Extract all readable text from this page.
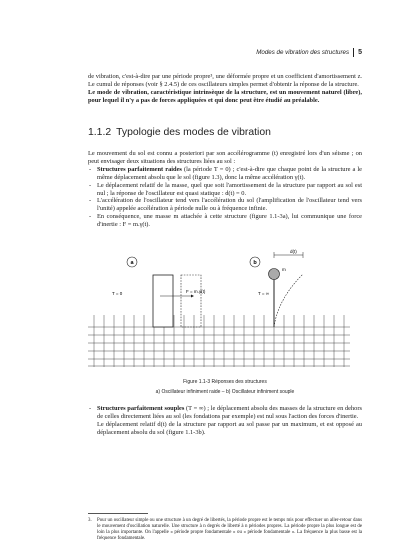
Modes de vibration des structures 5

de vibration, c'est-à-dire par une période propre³, une déformée propre et un coefficient d'amortissement z. Le cumul de réponses (voir § 2.4.5) de ces oscillateurs simples permet d'obtenir la réponse de la structure.

Le mode de vibration, caractéristique intrinsèque de la structure, est un mouvement naturel (libre), pour lequel il n'y a pas de forces appliquées et qui donc peut être étudié au préalable.

1.1.2 Typologie des modes de vibration

Le mouvement du sol est connu a posteriori par son accélérogramme (t) enregistré lors d'un séisme ; on peut envisager deux situations des structures liées au sol :

- Structures parfaitement raides (la période T = 0) ; c'est-à-dire que chaque point de la structure a le même déplacement absolu que le sol (figure 1.3), donc la même accélération γ(t).
- Le déplacement relatif de la masse, quel que soit l'amortissement de la structure par rapport au sol est nul ; la réponse de l'oscillateur est quasi statique : d(t) = 0.
- L'accélération de l'oscillateur tend vers l'accélération du sol (l'amplification de l'oscillateur tend vers l'unité) appelée accélération à période nulle ou à fréquence infinie.
- En conséquence, une masse m attachée à cette structure (figure 1.1-3a), lui communique une force d'inertie : F = m.γ(t).
a
F = m.γ(t)
T = 0
b
d(t)
m
T = ∞
Figure 1.1-3 Réponses des structures
a) Oscillateur infiniment raide – b) Oscillateur infiniment souple
- Structures parfaitement souples (T = ∞) ; le déplacement absolu des masses de la structure en dehors de celles directement liées au sol (les fondations par exemple) est nul sous l'action des forces d'inertie.

Le déplacement relatif d(t) de la structure par rapport au sol passe par un maximum, et est opposé au déplacement absolu du sol (figure 1.1-3b).

3. Pour un oscillateur simple ou une structure à un degré de libertés, la période propre est le temps mis pour effectuer un aller-retour dans le mouvement d'oscillation naturelle. Une structure à n degrés de liberté à n périodes propres. La période propre la plus longue est de loin la plus importante. On l'appelle « période propre fondamentale » ou « période fondamentale ». La fréquence la plus basse est la fréquence fondamentale.
